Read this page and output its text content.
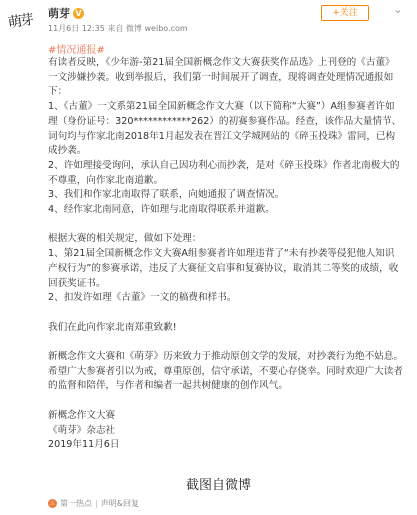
萌芽	萌芽 V
11月6日 12:35 来自 微博 weibo.com
+关注	⌄
#情况通报#

有读者反映，《少年游-第21届全国新概念作文大赛获奖作品选》上刊登的《古董》一文涉嫌抄袭。收到举报后，我们第一时间展开了调查，现将调查处理情况通报如下：

1、《古董》一文系第21届全国新概念作文大赛（以下简称“大赛”）A组参赛者许如理（身份证号：320************262）的初赛参赛作品。经查，该作品大量情节、词句均与作家北南2018年1月起发表在晋江文学城网站的《碎玉投珠》雷同，已构成抄袭。

2、许如理接受询问，承认自己因功利心而抄袭，是对《碎玉投珠》作者北南极大的不尊重，向作家北南道歉。

3、我们和作家北南取得了联系，向她通报了调查情况。

4、经作家北南同意，许如理与北南取得联系并道歉。

根据大赛的相关规定，做如下处理：

1、第21届全国新概念作文大赛A组参赛者许如理违背了“未有抄袭等侵犯他人知识产权行为”的参赛承诺，违反了大赛征文启事和复赛协议，取消其二等奖的成绩，收回获奖证书。

2、扣发许如理《古董》一文的稿费和样书。

我们在此向作家北南郑重致歉!

新概念作文大赛和《萌芽》历来致力于推动原创文学的发展，对抄袭行为绝不姑息。希望广大参赛者引以为戒，尊重原创，信守承诺，不要心存侥幸。同时欢迎广大读者的监督和陪伴，与作者和编者一起共树健康的创作风气。

新概念作文大赛

《萌芽》杂志社

2019年11月6日

截图自微博
♨ 第一热点 | 声明&回复
